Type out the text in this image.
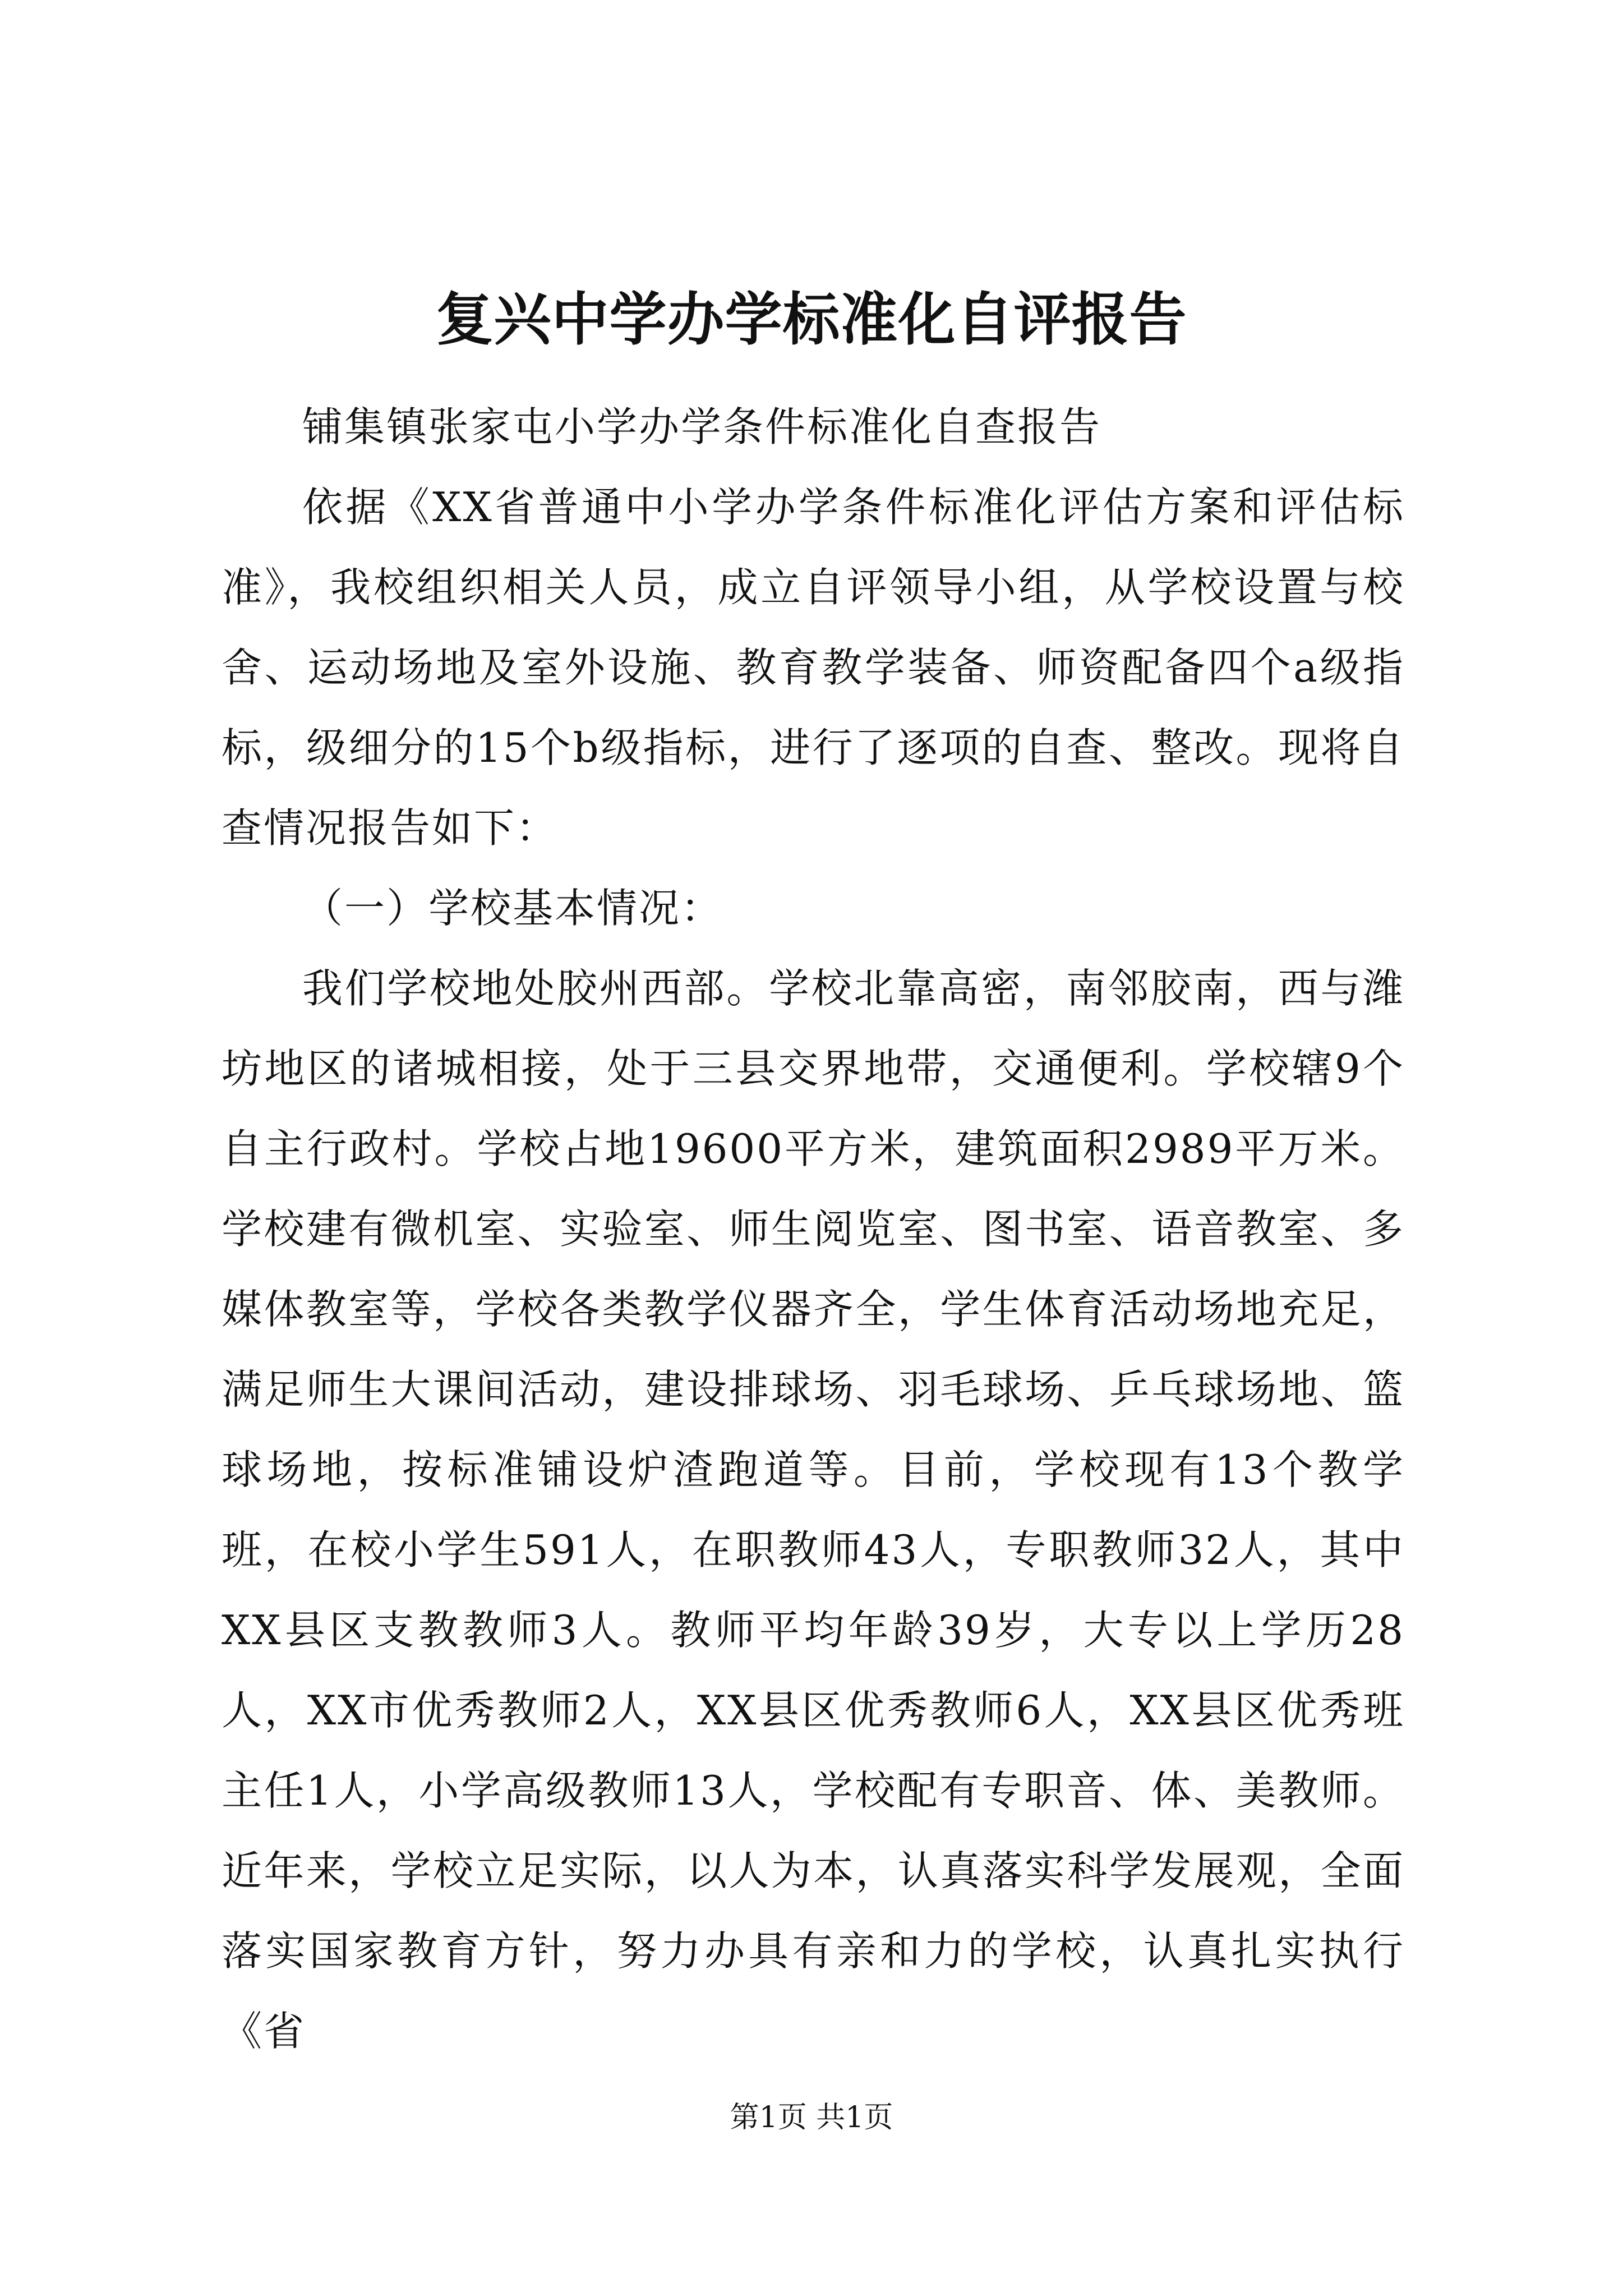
复兴中学办学标准化自评报告

铺集镇张家屯小学办学条件标准化自查报告

依据《XX省普通中小学办学条件标准化评估方案和评估标准》，我校组织相关人员，成立自评领导小组，从学校设置与校舍、运动场地及室外设施、教育教学装备、师资配备四个a级指标，级细分的15个b级指标，进行了逐项的自查、整改。现将自查情况报告如下：

（一）学校基本情况：

我们学校地处胶州西部。学校北靠高密，南邻胶南，西与潍坊地区的诸城相接，处于三县交界地带，交通便利。学校辖9个自主行政村。学校占地19600平方米，建筑面积2989平万米。学校建有微机室、实验室、师生阅览室、图书室、语音教室、多媒体教室等，学校各类教学仪器齐全，学生体育活动场地充足，满足师生大课间活动，建设排球场、羽毛球场、乒乓球场地、篮球场地，按标准铺设炉渣跑道等。目前，学校现有13个教学班，在校小学生591人，在职教师43人，专职教师32人，其中XX县区支教教师3人。教师平均年龄39岁，大专以上学历28人，XX市优秀教师2人，XX县区优秀教师6人，XX县区优秀班主任1人，小学高级教师13人，学校配有专职音、体、美教师。近年来，学校立足实际，以人为本，认真落实科学发展观，全面落实国家教育方针，努力办具有亲和力的学校，认真扎实执行《省

第1页 共1页
